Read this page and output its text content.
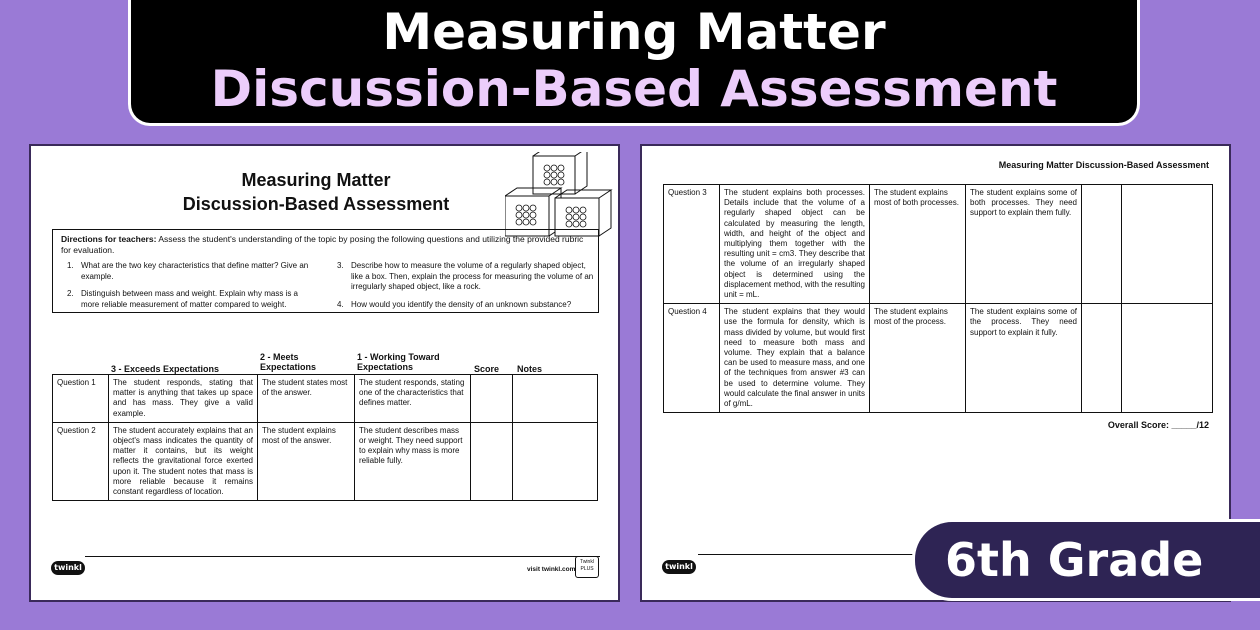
Measuring Matter
Discussion-Based Assessment
Measuring Matter
Discussion-Based Assessment
Directions for teachers: Assess the student's understanding of the topic by posing the following questions and utilizing the provided rubric for evaluation.
1. What are the two key characteristics that define matter? Give an example.
2. Distinguish between mass and weight. Explain why mass is a more reliable measurement of matter compared to weight.
3. Describe how to measure the volume of a regularly shaped object, like a box. Then, explain the process for measuring the volume of an irregularly shaped object, like a rock.
4. How would you identify the density of an unknown substance?
3 - Exceeds Expectations
2 - Meets Expectations
1 - Working Toward Expectations	Score Notes
Question 1	The student responds, stating that matter is anything that takes up space and has mass. They give a valid example.	The student states most of the answer.	The student responds, stating one of the characteristics that defines matter.		
Question 2	The student accurately explains that an object's mass indicates the quantity of matter it contains, but its weight reflects the gravitational force exerted upon it. The student notes that mass is more reliable because it remains constant regardless of location.	The student explains most of the answer.	The student describes mass or weight. They need support to explain why mass is more reliable fully.		
twinkl	visit twinkl.com
Twinkl PLUS
Measuring Matter Discussion-Based Assessment
Question 3	The student explains both processes. Details include that the volume of a regularly shaped object can be calculated by measuring the length, width, and height of the object and multiplying them together with the resulting unit = cm3. They describe that the volume of an irregularly shaped object is determined using the displacement method, with the resulting unit = mL.	The student explains most of both processes.	The student explains some of both processes. They need support to explain them fully.		
Question 4	The student explains that they would use the formula for density, which is mass divided by volume, but would first need to measure both mass and volume. They explain that a balance can be used to measure mass, and one of the techniques from answer #3 can be used to determine volume. They would calculate the final answer in units of g/mL.	The student explains most of the process.	The student explains some of the process. They need support to explain it fully.		
Overall Score: _____/12
twinkl	6th Grade
